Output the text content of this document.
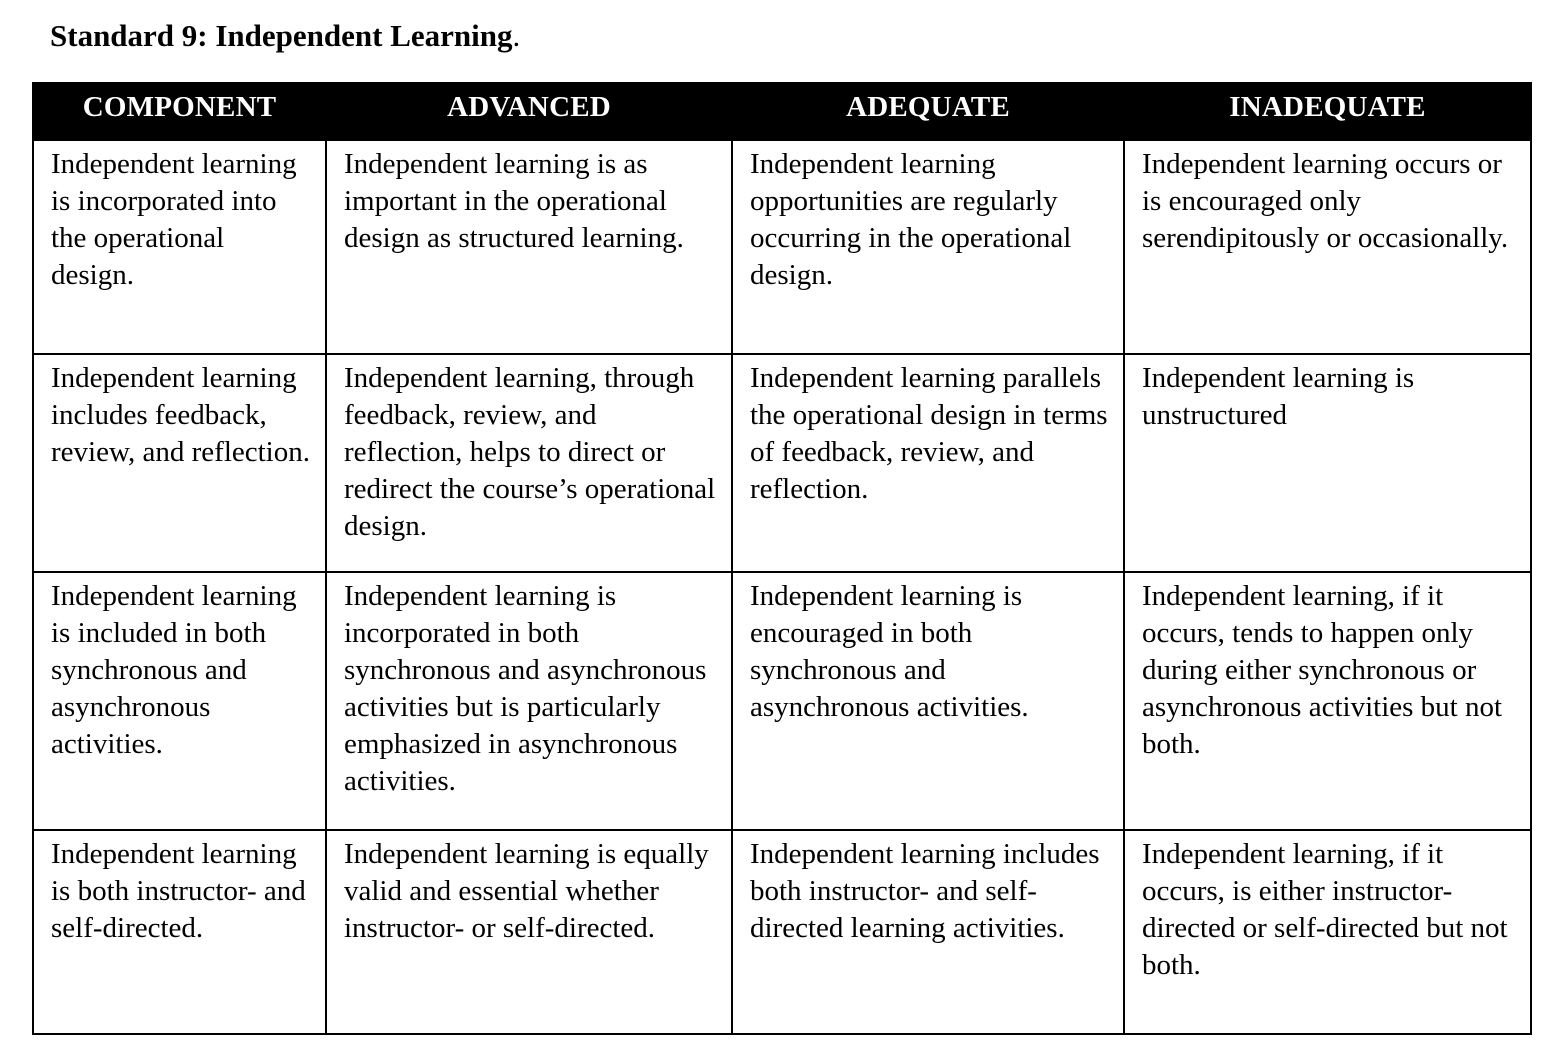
Standard 9: Independent Learning.
COMPONENT	ADVANCED	ADEQUATE	INADEQUATE
Independent learning is incorporated into the operational design.	Independent learning is as important in the operational design as structured learning.	Independent learning opportunities are regularly occurring in the operational design.	Independent learning occurs or is encouraged only serendipitously or occasionally.
Independent learning includes feedback, review, and reflection.	Independent learning, through feedback, review, and reflection, helps to direct or redirect the course’s operational design.	Independent learning parallels the operational design in terms of feedback, review, and reflection.	Independent learning is unstructured
Independent learning is included in both synchronous and asynchronous activities.	Independent learning is incorporated in both synchronous and asynchronous activities but is particularly emphasized in asynchronous activities.	Independent learning is encouraged in both synchronous and asynchronous activities.	Independent learning, if it occurs, tends to happen only during either synchronous or asynchronous activities but not both.
Independent learning is both instructor- and self-directed.	Independent learning is equally valid and essential whether instructor- or self-directed.	Independent learning includes both instructor- and self-directed learning activities.	Independent learning, if it occurs, is either instructor-directed or self-directed but not both.
